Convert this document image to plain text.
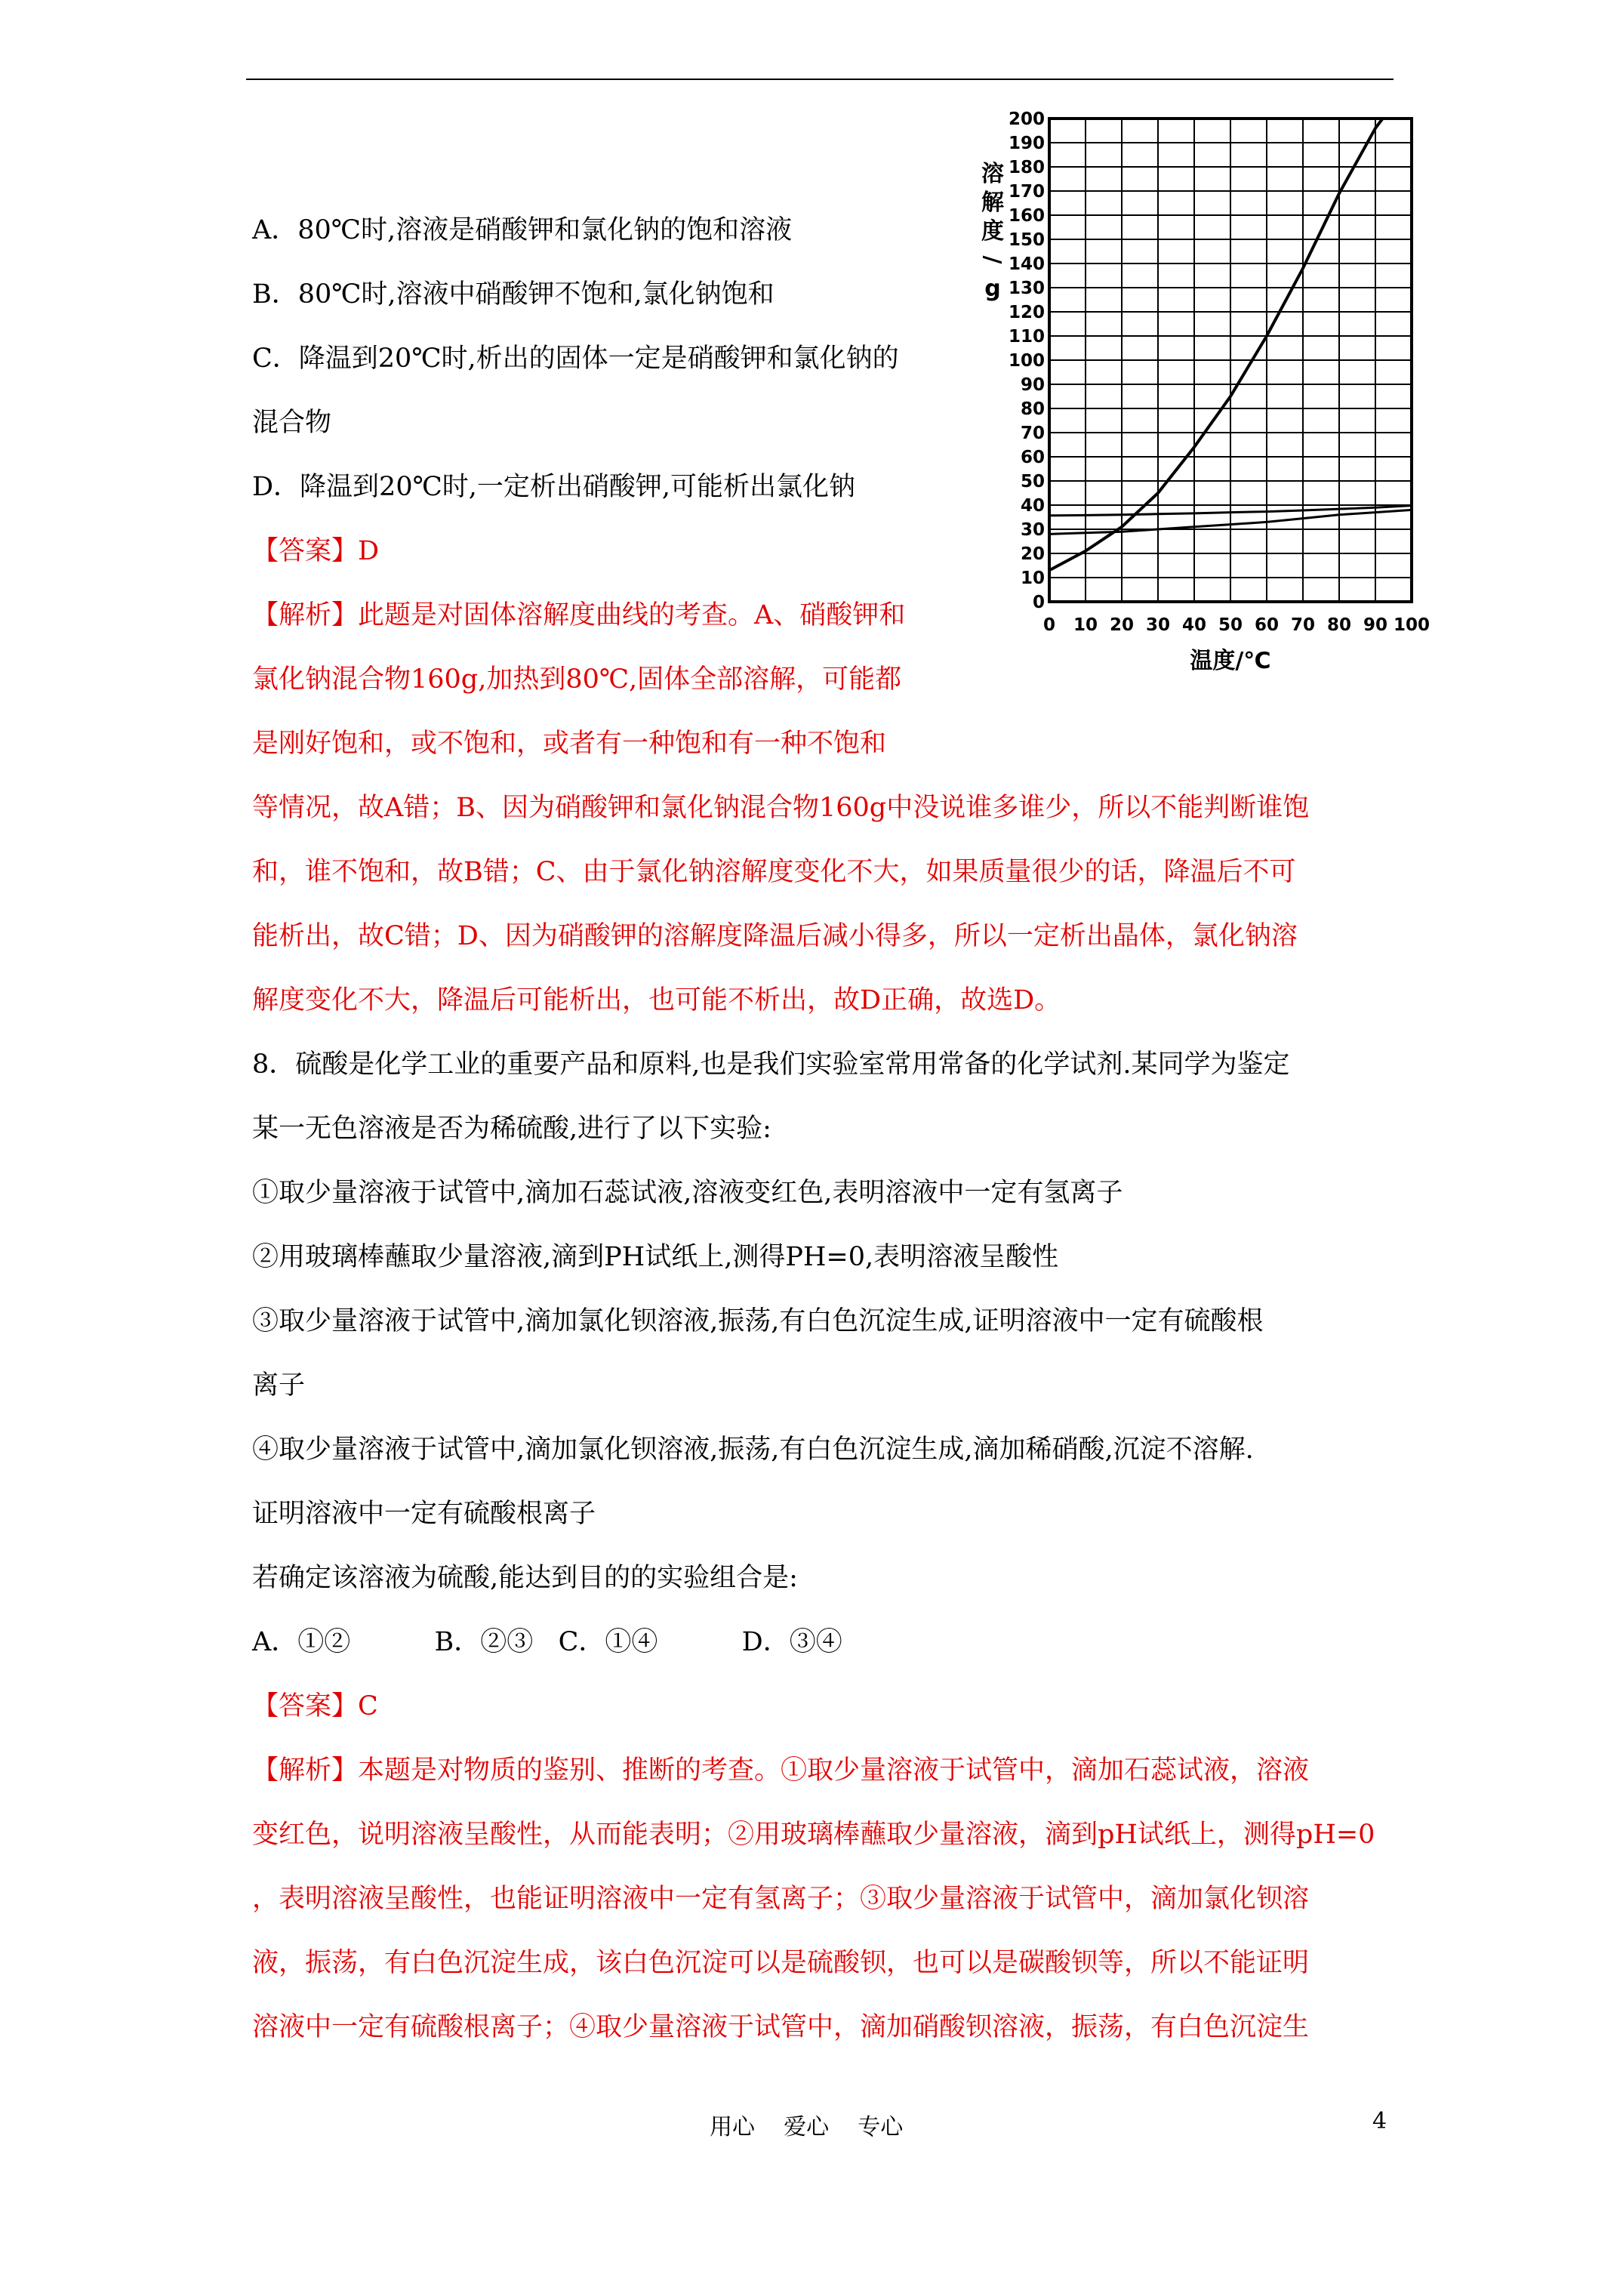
A．80℃时,溶液是硝酸钾和氯化钠的饱和溶液
B．80℃时,溶液中硝酸钾不饱和,氯化钠饱和
C．降温到20℃时,析出的固体一定是硝酸钾和氯化钠的
混合物
D．降温到20℃时,一定析出硝酸钾,可能析出氯化钠
【答案】D
【解析】此题是对固体溶解度曲线的考查。A、硝酸钾和
氯化钠混合物160g,加热到80℃,固体全部溶解，可能都
是刚好饱和，或不饱和，或者有一种饱和有一种不饱和
等情况，故A错；B、因为硝酸钾和氯化钠混合物160g中没说谁多谁少，所以不能判断谁饱
和，谁不饱和，故B错；C、由于氯化钠溶解度变化不大，如果质量很少的话，降温后不可
能析出，故C错；D、因为硝酸钾的溶解度降温后减小得多，所以一定析出晶体，氯化钠溶
解度变化不大，降温后可能析出，也可能不析出，故D正确，故选D。
8．硫酸是化学工业的重要产品和原料,也是我们实验室常用常备的化学试剂.某同学为鉴定
某一无色溶液是否为稀硫酸,进行了以下实验:
①取少量溶液于试管中,滴加石蕊试液,溶液变红色,表明溶液中一定有氢离子
②用玻璃棒蘸取少量溶液,滴到PH试纸上,测得PH=0,表明溶液呈酸性
③取少量溶液于试管中,滴加氯化钡溶液,振荡,有白色沉淀生成,证明溶液中一定有硫酸根
离子
④取少量溶液于试管中,滴加氯化钡溶液,振荡,有白色沉淀生成,滴加稀硝酸,沉淀不溶解.
证明溶液中一定有硫酸根离子
若确定该溶液为硫酸,能达到目的的实验组合是:
A．①②          B．②③   C．①④          D．③④
【答案】C
【解析】本题是对物质的鉴别、推断的考查。①取少量溶液于试管中，滴加石蕊试液，溶液
变红色，说明溶液呈酸性，从而能表明；②用玻璃棒蘸取少量溶液，滴到pH试纸上，测得pH=0
，表明溶液呈酸性，也能证明溶液中一定有氢离子；③取少量溶液于试管中，滴加氯化钡溶
液，振荡，有白色沉淀生成，该白色沉淀可以是硫酸钡，也可以是碳酸钡等，所以不能证明
溶液中一定有硫酸根离子；④取少量溶液于试管中，滴加硝酸钡溶液，振荡，有白色沉淀生
0
10
20
30
40
50
60
70
80
90
100
110
120
130
140
150
160
170
180
190
200
0 10 20 30 40 50 60 70 80 90 100
溶
解
度
/
g
温度/℃
用心    爱心    专心	4
